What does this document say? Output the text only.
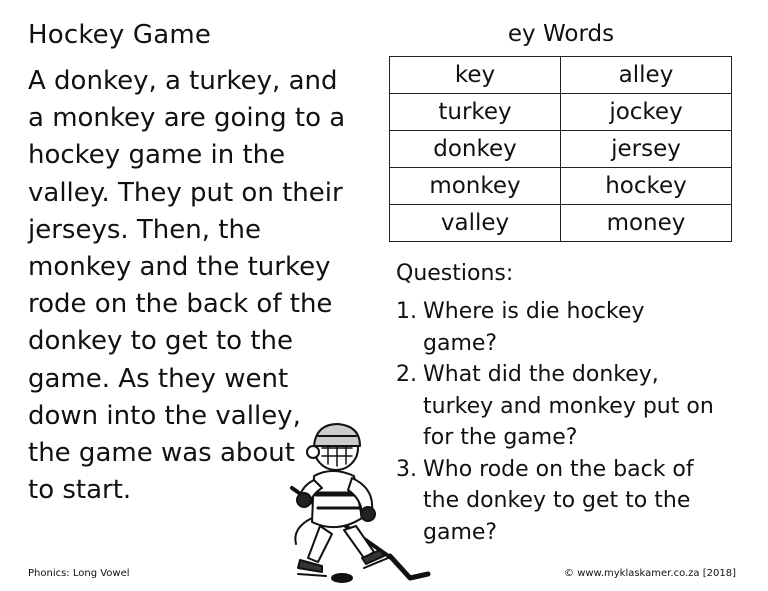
Hockey Game
A donkey, a turkey, and
a monkey are going to a
hockey game in the
valley. They put on their
jerseys. Then, the
monkey and the turkey
rode on the back of the
donkey to get to the
game. As they went
down into the valley,
the game was about
to start.
ey Words
key	alley
turkey	jockey
donkey	jersey
monkey	hockey
valley	money
Questions:
1. Where is die hockey
game?
2. What did the donkey,
turkey and monkey put on
for the game?
3. Who rode on the back of
the donkey to get to the
game?
Phonics: Long Vowel	© www.myklaskamer.co.za [2018]
